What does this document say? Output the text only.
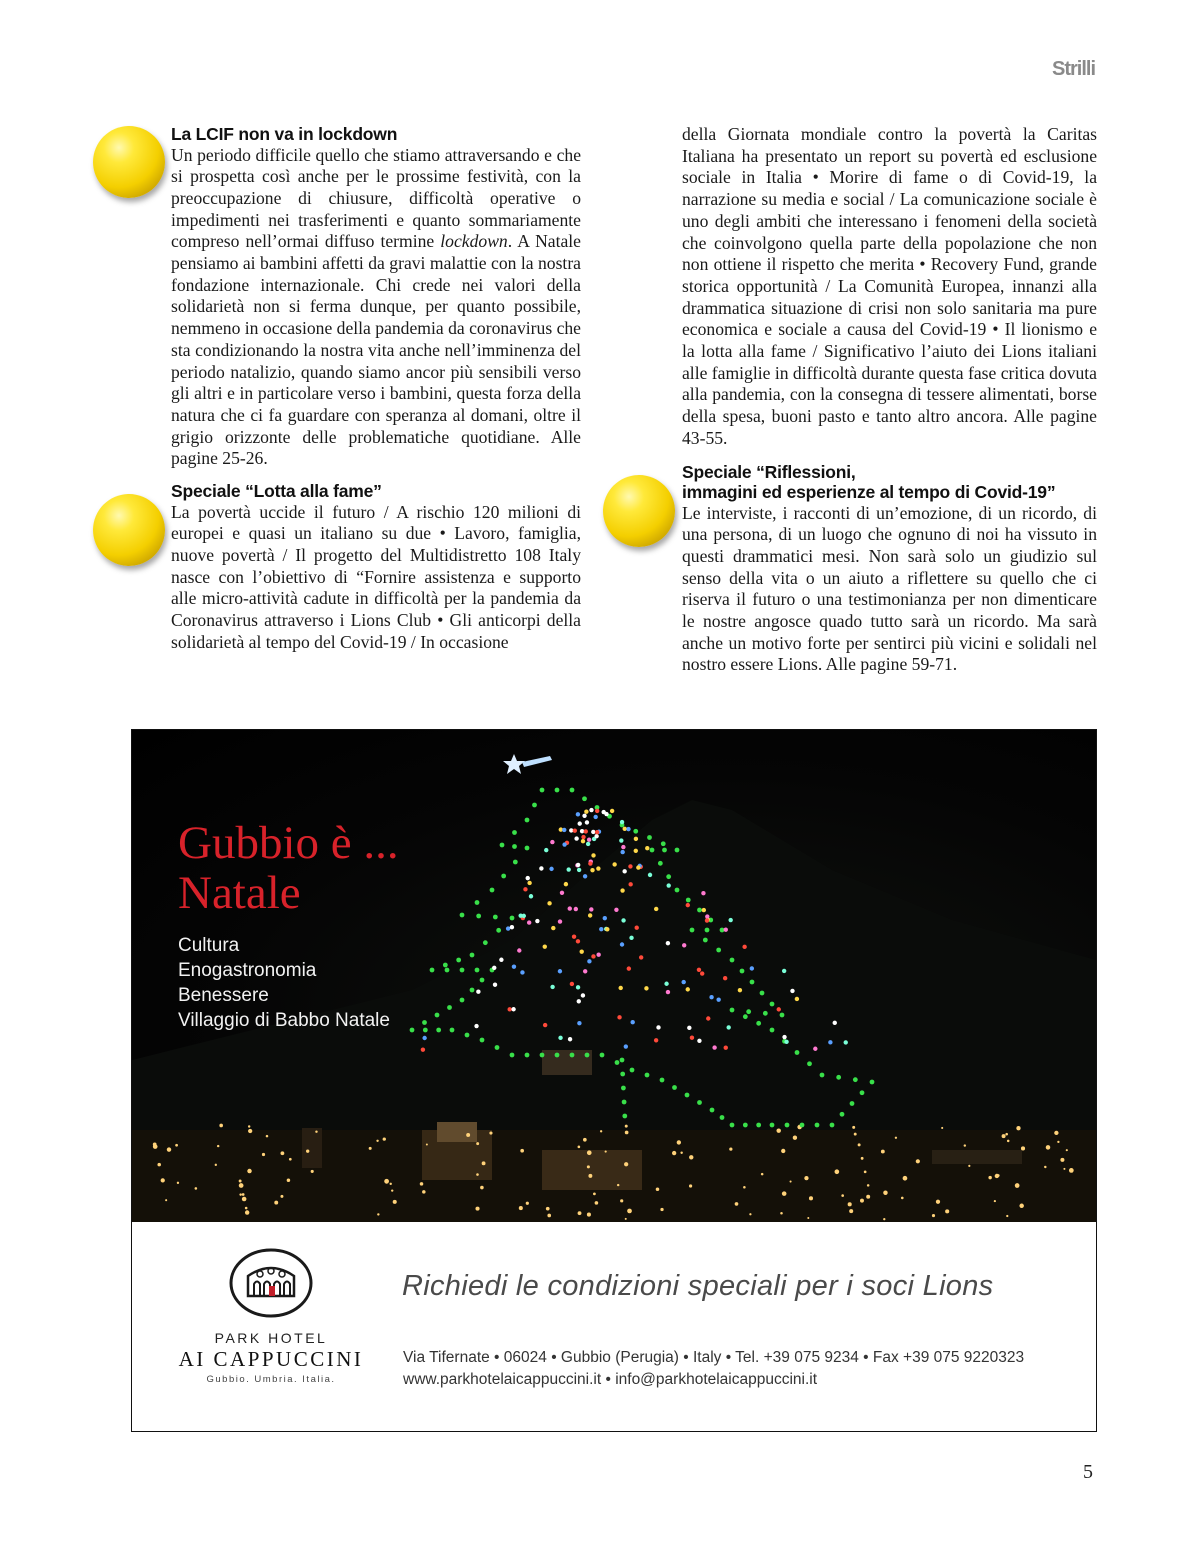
Strilli
La LCIF non va in lockdown

Un periodo difficile quello che stiamo attraversando e che si prospetta così anche per le prossime festività, con la preoccupazione di chiusure, difficoltà operative o impedimenti nei trasferimenti e quanto sommariamente compreso nell’ormai diffuso termine lockdown. A Natale pensiamo ai bambini affetti da gravi malattie con la nostra fondazione internazionale. Chi crede nei valori della solidarietà non si ferma dunque, per quanto possibile, nemmeno in occasione della pandemia da coronavirus che sta condizionando la nostra vita anche nell’imminenza del periodo natalizio, quando siamo ancor più sensibili verso gli altri e in particolare verso i bambini, questa forza della natura che ci fa guardare con speranza al domani, oltre il grigio orizzonte delle problematiche quotidiane. Alle pagine 25-26.

Speciale “Lotta alla fame”

La povertà uccide il futuro / A rischio 120 milioni di europei e quasi un italiano su due • Lavoro, famiglia, nuove povertà / Il progetto del Multidistretto 108 Italy nasce con l’obiettivo di “Fornire assistenza e supporto alle micro-attività cadute in difficoltà per la pandemia da Coronavirus attraverso i Lions Club • Gli anticorpi della solidarietà al tempo del Covid-19 / In occasione

della Giornata mondiale contro la povertà la Caritas Italiana ha presentato un report su povertà ed esclusione sociale in Italia • Morire di fame o di Covid-19, la narrazione su media e social / La comunicazione sociale è uno degli ambiti che interessano i fenomeni della società che coinvolgono quella parte della popolazione che non non ottiene il rispetto che merita • Recovery Fund, grande storica opportunità / La Comunità Europea, innanzi alla drammatica situazione di crisi non solo sanitaria ma pure economica e sociale a causa del Covid-19 • Il lionismo e la lotta alla fame / Significativo l’aiuto dei Lions italiani alle famiglie in difficoltà durante questa fase critica dovuta alla pandemia, con la consegna di tessere alimentati, borse della spesa, buoni pasto e tanto altro ancora. Alle pagine 43-55.

Speciale “Riflessioni,
immagini ed esperienze al tempo di Covid-19”

Le interviste, i racconti di un’emozione, di un ricordo, di una persona, di un luogo che ognuno di noi ha vissuto in questi drammatici mesi. Non sarà solo un giudizio sul senso della vita o un aiuto a riflettere su quello che ci riserva il futuro o una testimonianza per non dimenticare le nostre angosce quado tutto sarà un ricordo. Ma sarà anche un motivo forte per sentirci più vicini e solidali nel nostro essere Lions. Alle pagine 59-71.

Gubbio è ...
Natale
Cultura
Enogastronomia
Benessere
Villaggio di Babbo Natale
PARK HOTEL
AI CAPPUCCINI
Gubbio. Umbria. Italia.
Richiedi le condizioni speciali per i soci Lions
Via Tifernate • 06024 • Gubbio (Perugia) • Italy • Tel. +39 075 9234 • Fax +39 075 9220323
www.parkhotelaicappuccini.it • info@parkhotelaicappuccini.it
5
